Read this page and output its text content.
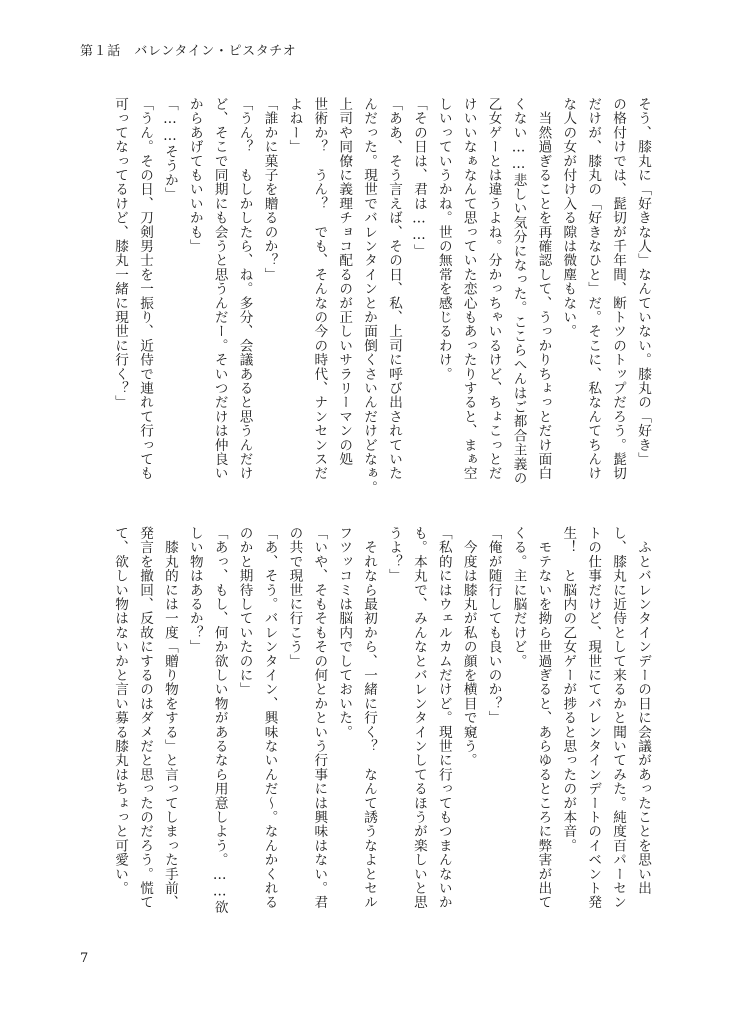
第１話　バレンタイン・ピスタチオ
そう、膝丸に「好きな人」なんていない。膝丸の「好き」
の格付けでは、髭切が千年間、断トツのトップだろう。髭切
だけが、膝丸の「好きなひと」だ。そこに、私なんてちんけ
な人の女が付け入る隙は微塵もない。
　当然過ぎることを再確認して、うっかりちょっとだけ面白
くない……悲しい気分になった。ここらへんはご都合主義の
乙女ゲーとは違うよね。分かっちゃいるけど、ちょこっとだ
けいいなぁなんて思っていた恋心もあったりすると、まぁ空
しいっていうかね。世の無常を感じるわけ。
「その日は、君は……」
「ああ、そう言えば、その日、私、上司に呼び出されていた
んだった。現世でバレンタインとか面倒くさいんだけどなぁ。
上司や同僚に義理チョコ配るのが正しいサラリーマンの処
世術か？　うん？　でも、そんなの今の時代、ナンセンスだ
よねー」
「誰かに菓子を贈るのか？」
「うん？　もしかしたら、ね。多分、会議あると思うんだけ
ど、そこで同期にも会うと思うんだー。そいつだけは仲良い
からあげてもいいかも」
「……そうか」
「うん。その日、刀剣男士を一振り、近侍で連れて行っても
可ってなってるけど、膝丸一緒に現世に行く？」
　ふとバレンタインデーの日に会議があったことを思い出
し、膝丸に近侍として来るかと聞いてみた。純度百パーセン
トの仕事だけど、現世にてバレンタインデートのイベント発
生！　と脳内の乙女ゲーが捗ると思ったのが本音。
　モテないを拗ら世過ぎると、あらゆるところに弊害が出て
くる。主に脳だけど。
「俺が随行しても良いのか？」
　今度は膝丸が私の顔を横目で窺う。
「私的にはウェルカムだけど。現世に行ってもつまんないか
も。本丸で、みんなとバレンタインしてるほうが楽しいと思
うよ？」
　それなら最初から、一緒に行く？　なんて誘うなよとセル
フツッコミは脳内でしておいた。
「いや、そもそもその何とかという行事には興味はない。君
の共で現世に行こう」
「あ、そう。バレンタイン、興味ないんだ～。なんかくれる
のかと期待していたのに」
「あっ、もし、何か欲しい物があるなら用意しよう。……欲
しい物はあるか？」
　膝丸的には一度「贈り物をする」と言ってしまった手前、
発言を撤回、反故にするのはダメだと思ったのだろう。慌て
て、欲しい物はないかと言い募る膝丸はちょっと可愛い。
7
